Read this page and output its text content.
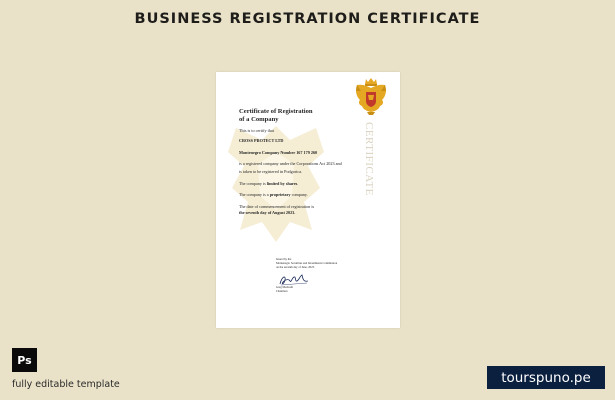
BUSINESS REGISTRATION CERTIFICATE
CERTIFICATE
Certificate of Registration
of a Company
This is to certify that
CROSS PROTECT LTD
Montenegro Company Number 167 179 260
is a registered company under the Corporations Act 2023 and
is taken to be registered in Podgorica.
The company is limited by shares.
The company is a proprietary company.
The date of commencement of registration is
the seventh day of August 2023.
Issued by the
Montenegro Securities and Investments Commission
on the seventh day of June, 2023.
Greg Medoudi
Chairman
Ps
fully editable template	tourspuno.pe
